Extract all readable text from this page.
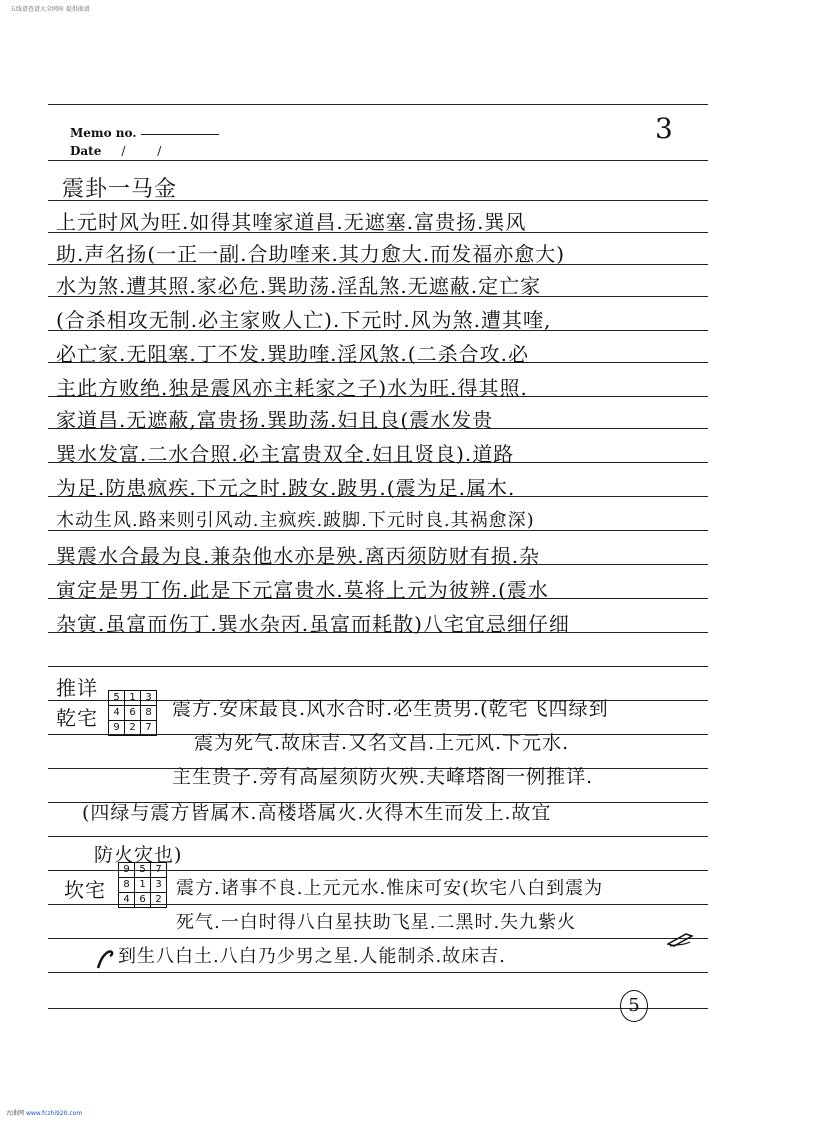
五线谱查谱大全网库 提供曲谱
3
Memo no.
Date / /
震卦一马金
上元时风为旺.如得其喹家道昌.无遮塞.富贵扬.巽风
助.声名扬(一正一副.合助喹来.其力愈大.而发福亦愈大)
水为煞.遭其照.家必危.巽助荡.淫乱煞.无遮蔽.定亡家
(合杀相攻无制.必主家败人亡).下元时.风为煞.遭其喹,
必亡家.无阻塞.丁不发.巽助喹.淫风煞.(二杀合攻.必
主此方败绝.独是震风亦主耗家之子)水为旺.得其照.
家道昌.无遮蔽,富贵扬.巽助荡.妇且良(震水发贵
巽水发富.二水合照.必主富贵双全.妇且贤良).道路
为足.防患疯疾.下元之时.跛女.跛男.(震为足.属木.
木动生风.路来则引风动.主疯疾.跛脚.下元时良.其祸愈深)
巽震水合最为良.兼杂他水亦是殃.离丙须防财有损.杂
寅定是男丁伤.此是下元富贵水.莫将上元为彼辨.(震水
杂寅.虽富而伤丁.巽水杂丙.虽富而耗散)八宅宜忌细仔细
推详
乾宅
5	1	3
4	6	8
9	2	7
震方.安床最良.风水合时.必生贵男.(乾宅飞四绿到
震为死气.故床吉.又名文昌.上元风.下元水.
主生贵子.旁有高屋须防火殃.夫峰塔阁一例推详.
(四绿与震方皆属木.高楼塔属火.火得木生而发上.故宜
防火灾也)
坎宅
9	5	7
8	1	3
4	6	2
震方.诸事不良.上元元水.惟床可安(坎宅八白到震为
死气.一白时得八白星扶助飞星.二黑时.失九紫火
到生八白土.八白乃少男之星.人能制杀.故床吉.
5
古曲网 www.fczhi920.com
